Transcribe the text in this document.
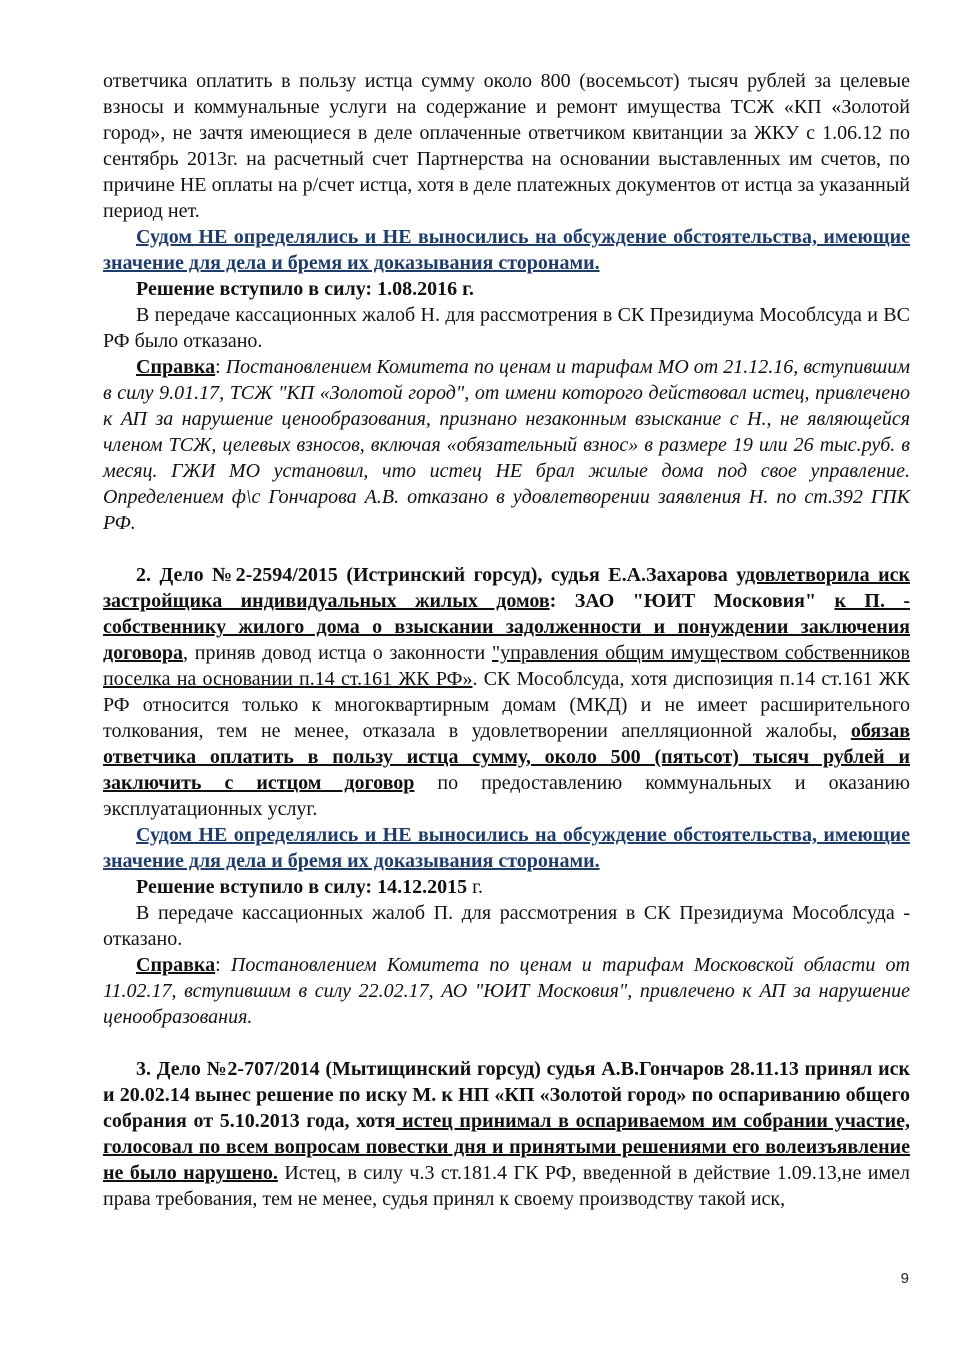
ответчика оплатить в пользу истца сумму около 800 (восемьсот) тысяч рублей за целевые взносы и коммунальные услуги на содержание и ремонт имущества ТСЖ «КП «Золотой город», не зачтя имеющиеся в деле оплаченные ответчиком квитанции за ЖКУ с 1.06.12 по сентябрь 2013г. на расчетный счет Партнерства на основании выставленных им счетов, по причине НЕ оплаты на р/счет истца, хотя в деле платежных документов от истца за указанный период нет.

Судом НЕ определялись и НЕ выносились на обсуждение обстоятельства, имеющие значение для дела и бремя их доказывания сторонами.

Решение вступило в силу: 1.08.2016 г.

В передаче кассационных жалоб Н. для рассмотрения в СК Президиума Мособлсуда и ВС РФ было отказано.

Справка: Постановлением Комитета по ценам и тарифам МО от 21.12.16, вступившим в силу 9.01.17, ТСЖ "КП «Золотой город", от имени которого действовал истец, привлечено к АП за нарушение ценообразования, признано незаконным взыскание с Н., не являющейся членом ТСЖ, целевых взносов, включая «обязательный взнос» в размере 19 или 26 тыс.руб. в месяц. ГЖИ МО установил, что истец НЕ брал жилые дома под свое управление. Определением ф\с Гончарова А.В. отказано в удовлетворении заявления Н. по ст.392 ГПК РФ.

2. Дело №2-2594/2015 (Истринский горсуд), судья Е.А.Захарова удовлетворила иск застройщика индивидуальных жилых домов: ЗАО "ЮИТ Московия" к П. - собственнику жилого дома о взыскании задолженности и понуждении заключения договора, приняв довод истца о законности "управления общим имуществом собственников поселка на основании п.14 ст.161 ЖК РФ». СК Мособлсуда, хотя диспозиция п.14 ст.161 ЖК РФ относится только к многоквартирным домам (МКД) и не имеет расширительного толкования, тем не менее, отказала в удовлетворении апелляционной жалобы, обязав ответчика оплатить в пользу истца сумму, около 500 (пятьсот) тысяч рублей и заключить с истцом договор по предоставлению коммунальных и оказанию эксплуатационных услуг.

Судом НЕ определялись и НЕ выносились на обсуждение обстоятельства, имеющие значение для дела и бремя их доказывания сторонами.

Решение вступило в силу: 14.12.2015 г.

В передаче кассационных жалоб П. для рассмотрения в СК Президиума Мособлсуда - отказано.

Справка: Постановлением Комитета по ценам и тарифам Московской области от 11.02.17, вступившим в силу 22.02.17, АО "ЮИТ Московия", привлечено к АП за нарушение ценообразования.

3. Дело №2-707/2014 (Мытищинский горсуд) судья А.В.Гончаров 28.11.13 принял иск и 20.02.14 вынес решение по иску М. к НП «КП «Золотой город» по оспариванию общего собрания от 5.10.2013 года, хотя истец принимал в оспариваемом им собрании участие, голосовал по всем вопросам повестки дня и принятыми решениями его волеизъявление не было нарушено. Истец, в силу ч.3 ст.181.4 ГК РФ, введенной в действие 1.09.13,не имел права требования, тем не менее, судья принял к своему производству такой иск,

9
